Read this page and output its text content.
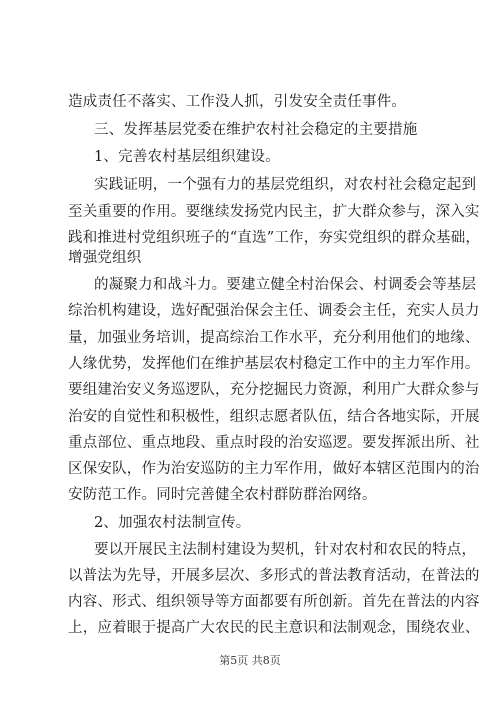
造成责任不落实、工作没人抓，引发安全责任事件。
三、发挥基层党委在维护农村社会稳定的主要措施
1、完善农村基层组织建设。
实践证明，一个强有力的基层党组织，对农村社会稳定起到
至关重要的作用。要继续发扬党内民主，扩大群众参与，深入实
践和推进村党组织班子的“直选”工作，夯实党组织的群众基础，
增强党组织
的凝聚力和战斗力。要建立健全村治保会、村调委会等基层
综治机构建设，选好配强治保会主任、调委会主任，充实人员力
量，加强业务培训，提高综治工作水平，充分利用他们的地缘、
人缘优势，发挥他们在维护基层农村稳定工作中的主力军作用。
要组建治安义务巡逻队，充分挖掘民力资源，利用广大群众参与
治安的自觉性和积极性，组织志愿者队伍，结合各地实际，开展
重点部位、重点地段、重点时段的治安巡逻。要发挥派出所、社
区保安队，作为治安巡防的主力军作用，做好本辖区范围内的治
安防范工作。同时完善健全农村群防群治网络。
2、加强农村法制宣传。
要以开展民主法制村建设为契机，针对农村和农民的特点，
以普法为先导，开展多层次、多形式的普法教育活动，在普法的
内容、形式、组织领导等方面都要有所创新。首先在普法的内容
上，应着眼于提高广大农民的民主意识和法制观念，围绕农业、
第5页 共8页
